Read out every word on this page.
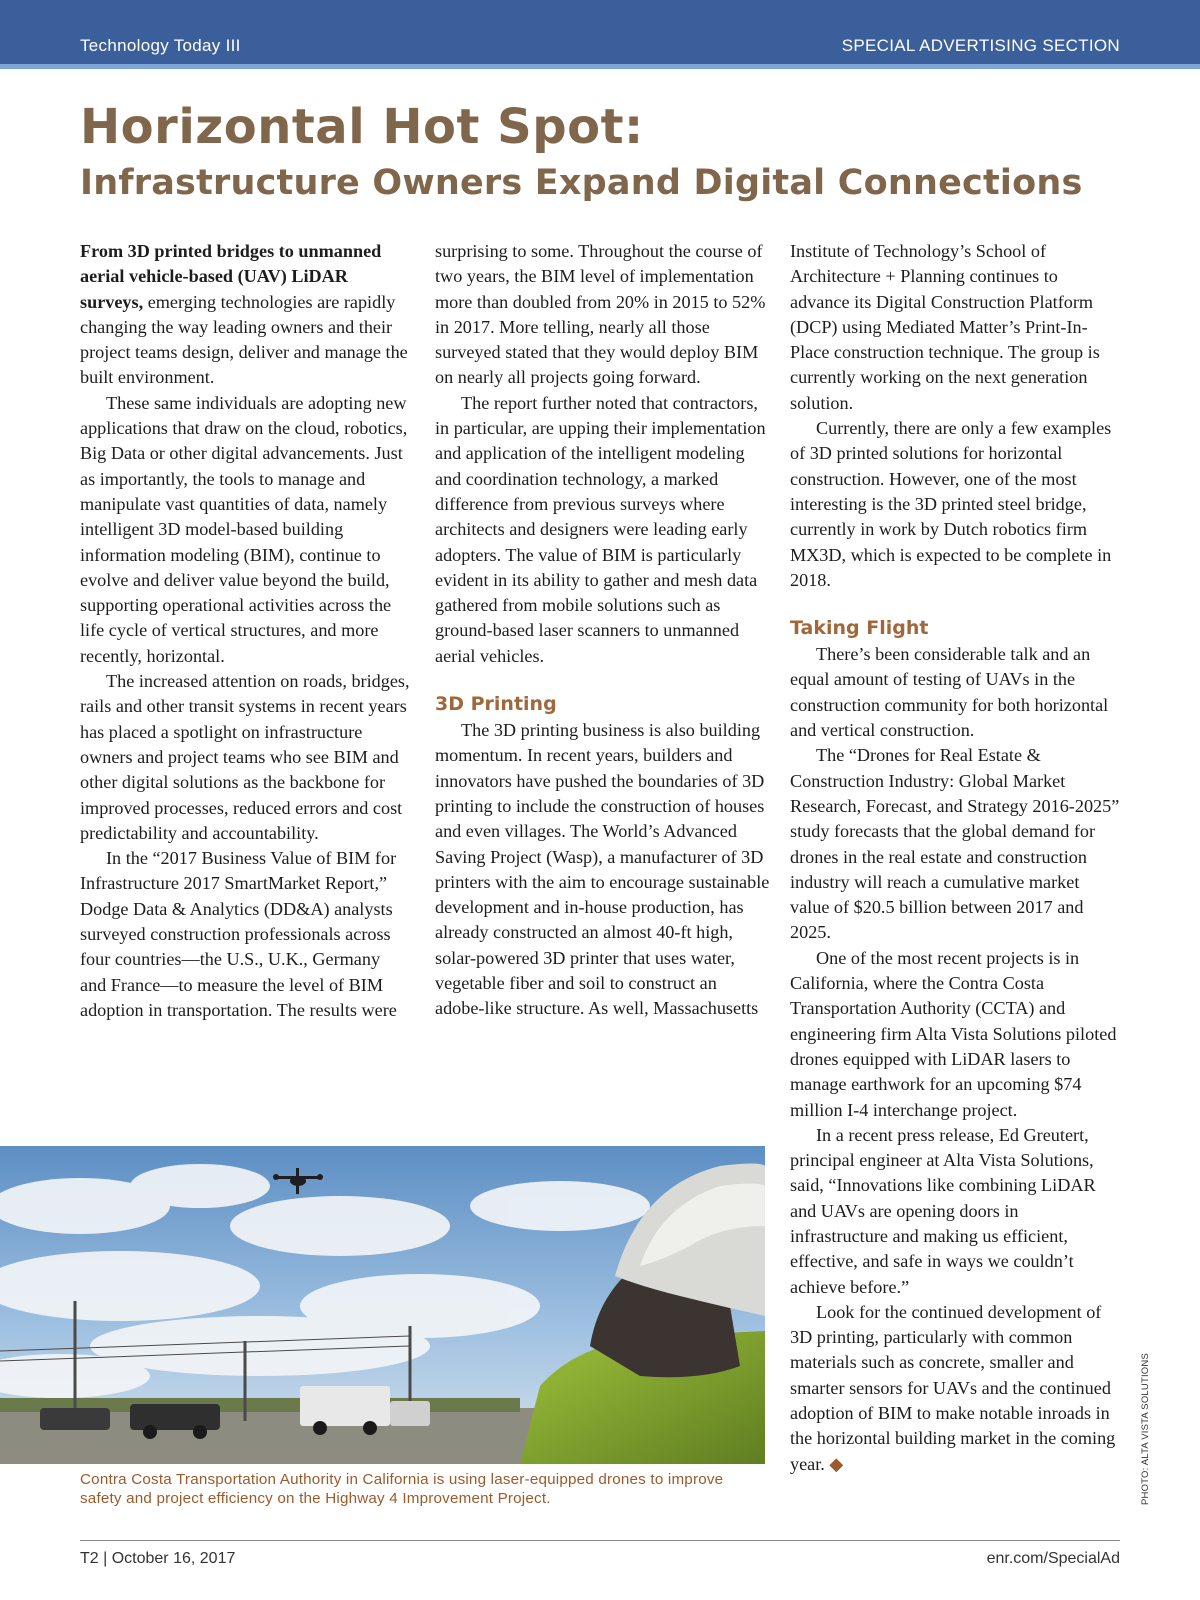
Technology Today III	SPECIAL ADVERTISING SECTION
Horizontal Hot Spot:
Infrastructure Owners Expand Digital Connections

From 3D printed bridges to unmanned aerial vehicle-based (UAV) LiDAR surveys, emerging technologies are rapidly changing the way leading owners and their project teams design, deliver and manage the built environment.

These same individuals are adopting new applications that draw on the cloud, robotics, Big Data or other digital advancements. Just as importantly, the tools to manage and manipulate vast quantities of data, namely intelligent 3D model-based building information modeling (BIM), continue to evolve and deliver value beyond the build, supporting operational activities across the life cycle of vertical structures, and more recently, horizontal.

The increased attention on roads, bridges, rails and other transit systems in recent years has placed a spotlight on infrastructure owners and project teams who see BIM and other digital solutions as the backbone for improved processes, reduced errors and cost predictability and accountability.

In the “2017 Business Value of BIM for Infrastructure 2017 SmartMarket Report,” Dodge Data & Analytics (DD&A) analysts surveyed construction professionals across four countries—the U.S., U.K., Germany and France—to measure the level of BIM adoption in transportation. The results were

surprising to some. Throughout the course of two years, the BIM level of implementation more than doubled from 20% in 2015 to 52% in 2017. More telling, nearly all those surveyed stated that they would deploy BIM on nearly all projects going forward.

The report further noted that contractors, in particular, are upping their implementation and application of the intelligent modeling and coordination technology, a marked difference from previous surveys where architects and designers were leading early adopters. The value of BIM is particularly evident in its ability to gather and mesh data gathered from mobile solutions such as ground-based laser scanners to unmanned aerial vehicles.

3D Printing

The 3D printing business is also building momentum. In recent years, builders and innovators have pushed the boundaries of 3D printing to include the construction of houses and even villages. The World’s Advanced Saving Project (Wasp), a manufacturer of 3D printers with the aim to encourage sustainable development and in-house production, has already constructed an almost 40-ft high, solar-powered 3D printer that uses water, vegetable fiber and soil to construct an adobe-like structure. As well, Massachusetts

Institute of Technology’s School of Architecture + Planning continues to advance its Digital Construction Platform (DCP) using Mediated Matter’s Print-In-Place construction technique. The group is currently working on the next generation solution.

Currently, there are only a few examples of 3D printed solutions for horizontal construction. However, one of the most interesting is the 3D printed steel bridge, currently in work by Dutch robotics firm MX3D, which is expected to be complete in 2018.

Taking Flight

There’s been considerable talk and an equal amount of testing of UAVs in the construction community for both horizontal and vertical construction.

The “Drones for Real Estate & Construction Industry: Global Market Research, Forecast, and Strategy 2016-2025” study forecasts that the global demand for drones in the real estate and construction industry will reach a cumulative market value of $20.5 billion between 2017 and 2025.

One of the most recent projects is in California, where the Contra Costa Transportation Authority (CCTA) and engineering firm Alta Vista Solutions piloted drones equipped with LiDAR lasers to manage earthwork for an upcoming $74 million I-4 interchange project.

In a recent press release, Ed Greutert, principal engineer at Alta Vista Solutions, said, “Innovations like combining LiDAR and UAVs are opening doors in infrastructure and making us efficient, effective, and safe in ways we couldn’t achieve before.”

Look for the continued development of 3D printing, particularly with common materials such as concrete, smaller and smarter sensors for UAVs and the continued adoption of BIM to make notable inroads in the horizontal building market in the coming year. ◆

Contra Costa Transportation Authority in California is using laser-equipped drones to improve safety and project efficiency on the Highway 4 Improvement Project.	PHOTO: ALTA VISTA SOLUTIONS
T2 | October 16, 2017	enr.com/SpecialAd
